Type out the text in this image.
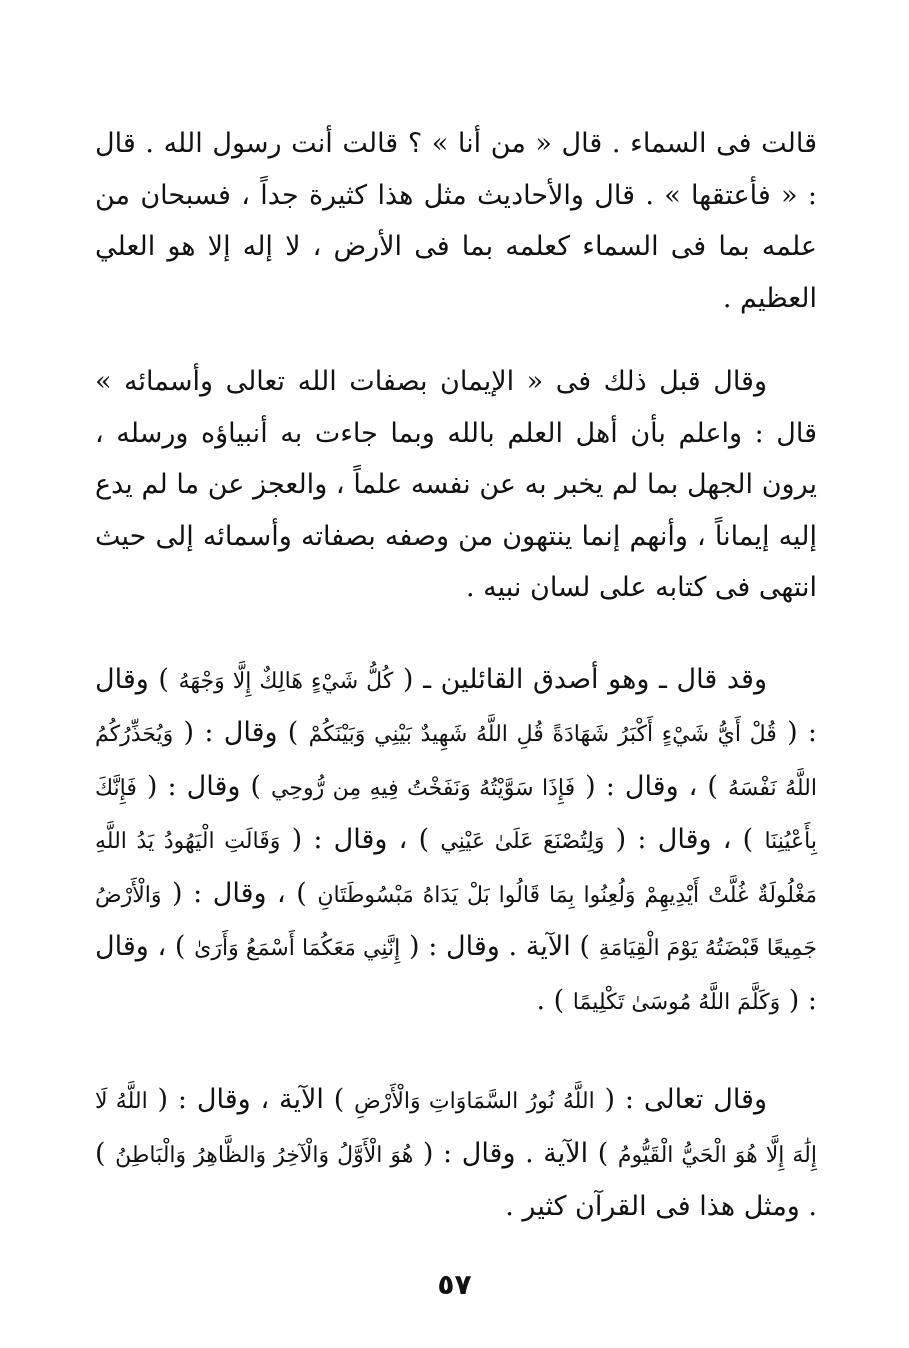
قالت فى السماء . قال « من أنا » ؟ قالت أنت رسول الله . قال : « فأعتقها » . قال والأحاديث مثل هذا كثيرة جداً ، فسبحان من علمه بما فى السماء كعلمه بما فى الأرض ، لا إله إلا هو العلي العظيم .

وقال قبل ذلك فى « الإيمان بصفات الله تعالى وأسمائه » قال : واعلم بأن أهل العلم بالله وبما جاءت به أنبياؤه ورسله ، يرون الجهل بما لم يخبر به عن نفسه علماً ، والعجز عن ما لم يدع إليه إيماناً ، وأنهم إنما ينتهون من وصفه بصفاته وأسمائه إلى حيث انتهى فى كتابه على لسان نبيه .

وقد قال ـ وهو أصدق القائلين ـ ( كُلُّ شَيْءٍ هَالِكٌ إِلَّا وَجْهَهُ ) وقال : ( قُلْ أَيُّ شَيْءٍ أَكْبَرُ شَهَادَةً قُلِ اللَّهُ شَهِيدٌ بَيْنِي وَبَيْنَكُمْ ) وقال : ( وَيُحَذِّرُكُمُ اللَّهُ نَفْسَهُ ) ، وقال : ( فَإِذَا سَوَّيْتُهُ وَنَفَخْتُ فِيهِ مِن رُّوحِي ) وقال : ( فَإِنَّكَ بِأَعْيُنِنَا ) ، وقال : ( وَلِتُصْنَعَ عَلَىٰ عَيْنِي ) ، وقال : ( وَقَالَتِ الْيَهُودُ يَدُ اللَّهِ مَغْلُولَةٌ غُلَّتْ أَيْدِيهِمْ وَلُعِنُوا بِمَا قَالُوا بَلْ يَدَاهُ مَبْسُوطَتَانِ ) ، وقال : ( وَالْأَرْضُ جَمِيعًا قَبْضَتُهُ يَوْمَ الْقِيَامَةِ ) الآية . وقال : ( إِنَّنِي مَعَكُمَا أَسْمَعُ وَأَرَىٰ ) ، وقال : ( وَكَلَّمَ اللَّهُ مُوسَىٰ تَكْلِيمًا ) .

وقال تعالى : ( اللَّهُ نُورُ السَّمَاوَاتِ وَالْأَرْضِ ) الآية ، وقال : ( اللَّهُ لَا إِلَٰهَ إِلَّا هُوَ الْحَيُّ الْقَيُّومُ ) الآية . وقال : ( هُوَ الْأَوَّلُ وَالْآخِرُ وَالظَّاهِرُ وَالْبَاطِنُ ) . ومثل هذا فى القرآن كثير .

٥٧
